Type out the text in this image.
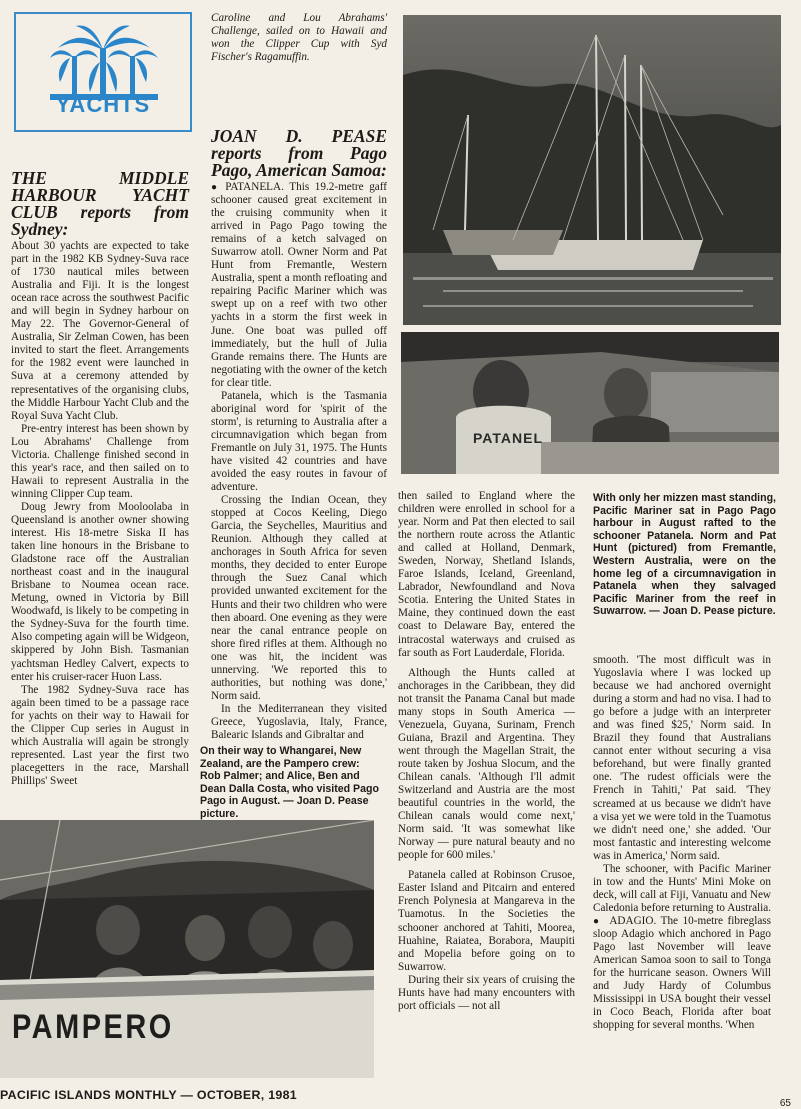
YACHTS
THE MIDDLE HARBOUR YACHT CLUB reports from Sydney:

About 30 yachts are expected to take part in the 1982 KB Sydney-Suva race of 1730 nautical miles between Australia and Fiji. It is the longest ocean race across the southwest Pacific and will begin in Sydney harbour on May 22. The Governor-General of Australia, Sir Zelman Cowen, has been invited to start the fleet. Arrangements for the 1982 event were launched in Suva at a ceremony attended by representatives of the organising clubs, the Middle Harbour Yacht Club and the Royal Suva Yacht Club.

Pre-entry interest has been shown by Lou Abrahams' Challenge from Victoria. Challenge finished second in this year's race, and then sailed on to Hawaii to represent Australia in the winning Clipper Cup team.

Doug Jewry from Mooloolaba in Queensland is another owner showing interest. His 18-metre Siska II has taken line honours in the Brisbane to Gladstone race off the Australian northeast coast and in the inaugural Brisbane to Noumea ocean race. Metung, owned in Victoria by Bill Woodwafd, is likely to be competing in the Sydney-Suva for the fourth time. Also competing again will be Widgeon, skippered by John Bish. Tasmanian yachtsman Hedley Calvert, expects to enter his cruiser-racer Huon Lass.

The 1982 Sydney-Suva race has again been timed to be a passage race for yachts on their way to Hawaii for the Clipper Cup series in August in which Australia will again be strongly represented. Last year the first two placegetters in the race, Marshall Phillips' Sweet

Caroline and Lou Abrahams' Challenge, sailed on to Hawaii and won the Clipper Cup with Syd Fischer's Ragamuffin.

JOAN D. PEASE reports from Pago Pago, American Samoa:

● PATANELA. This 19.2-metre gaff schooner caused great excitement in the cruising community when it arrived in Pago Pago towing the remains of a ketch salvaged on Suwarrow atoll. Owner Norm and Pat Hunt from Fremantle, Western Australia, spent a month refloating and repairing Pacific Mariner which was swept up on a reef with two other yachts in a storm the first week in June. One boat was pulled off immediately, but the hull of Julia Grande remains there. The Hunts are negotiating with the owner of the ketch for clear title.

Patanela, which is the Tasmania aboriginal word for 'spirit of the storm', is returning to Australia after a circumnavigation which began from Fremantle on July 31, 1975. The Hunts have visited 42 countries and have avoided the easy routes in favour of adventure.

Crossing the Indian Ocean, they stopped at Cocos Keeling, Diego Garcia, the Seychelles, Mauritius and Reunion. Although they called at anchorages in South Africa for seven months, they decided to enter Europe through the Suez Canal which provided unwanted excitement for the Hunts and their two children who were then aboard. One evening as they were near the canal entrance people on shore fired rifles at them. Although no one was hit, the incident was unnerving. 'We reported this to authorities, but nothing was done,' Norm said.

In the Mediterranean they visited Greece, Yugoslavia, Italy, France, Balearic Islands and Gibraltar and

On their way to Whangarei, New Zealand, are the Pampero crew: Rob Palmer; and Alice, Ben and Dean Dalla Costa, who visited Pago Pago in August. — Joan D. Pease picture.
PATANEL

then sailed to England where the children were enrolled in school for a year. Norm and Pat then elected to sail the northern route across the Atlantic and called at Holland, Denmark, Sweden, Norway, Shetland Islands, Faroe Islands, Iceland, Greenland, Labrador, Newfoundland and Nova Scotia. Entering the United States in Maine, they continued down the east coast to Delaware Bay, entered the intracostal waterways and cruised as far south as Fort Lauderdale, Florida.

Although the Hunts called at anchorages in the Caribbean, they did not transit the Panama Canal but made many stops in South America — Venezuela, Guyana, Surinam, French Guiana, Brazil and Argentina. They went through the Magellan Strait, the route taken by Joshua Slocum, and the Chilean canals. 'Although I'll admit Switzerland and Austria are the most beautiful countries in the world, the Chilean canals would come next,' Norm said. 'It was somewhat like Norway — pure natural beauty and no people for 600 miles.'

Patanela called at Robinson Crusoe, Easter Island and Pitcairn and entered French Polynesia at Mangareva in the Tuamotus. In the Societies the schooner anchored at Tahiti, Moorea, Huahine, Raiatea, Borabora, Maupiti and Mopelia before going on to Suwarrow.

During their six years of cruising the Hunts have had many encounters with port officials — not all

With only her mizzen mast standing, Pacific Mariner sat in Pago Pago harbour in August rafted to the schooner Patanela. Norm and Pat Hunt (pictured) from Fremantle, Western Australia, were on the home leg of a circumnavigation in Patanela when they salvaged Pacific Mariner from the reef in Suwarrow. — Joan D. Pease picture.

smooth. 'The most difficult was in Yugoslavia where I was locked up because we had anchored overnight during a storm and had no visa. I had to go before a judge with an interpreter and was fined $25,' Norm said. In Brazil they found that Australians cannot enter without securing a visa beforehand, but were finally granted one. 'The rudest officials were the French in Tahiti,' Pat said. 'They screamed at us because we didn't have a visa yet we were told in the Tuamotus we didn't need one,' she added. 'Our most fantastic and interesting welcome was in America,' Norm said.

The schooner, with Pacific Mariner in tow and the Hunts' Mini Moke on deck, will call at Fiji, Vanuatu and New Caledonia before returning to Australia.

●  ADAGIO. The 10-metre fibreglass sloop Adagio which anchored in Pago Pago last November will leave American Samoa soon to sail to Tonga for the hurricane season. Owners Will and Judy Hardy of Columbus Mississippi in USA bought their vessel in Coco Beach, Florida after boat shopping for several months. 'When

PAMPERO
PACIFIC ISLANDS MONTHLY — OCTOBER, 1981
65
